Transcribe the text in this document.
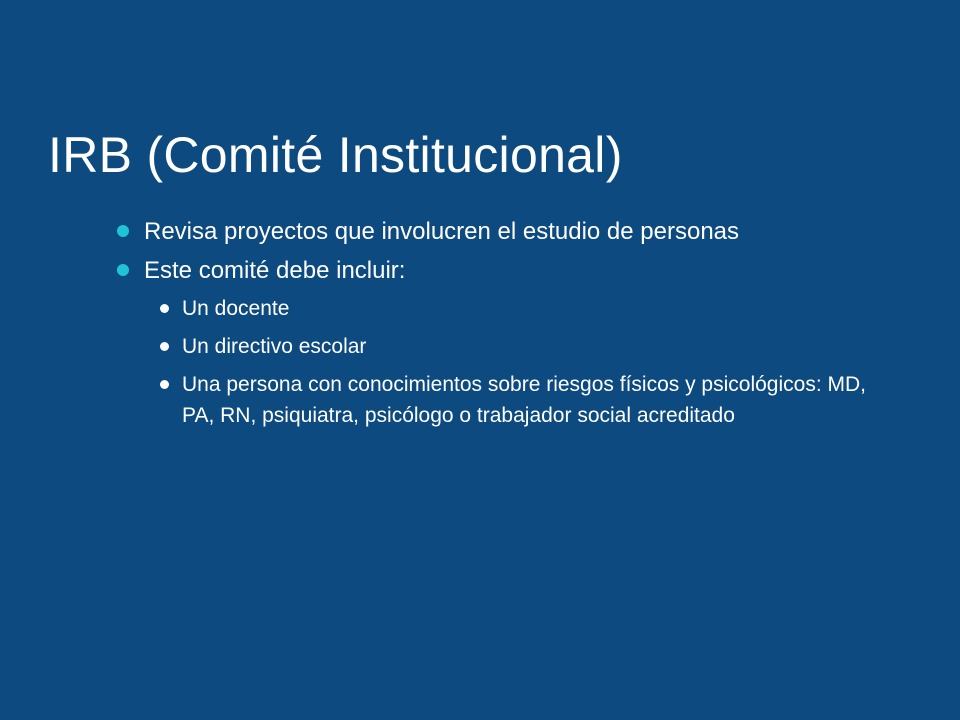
IRB (Comité Institucional)
Revisa proyectos que involucren el estudio de personas
Este comité debe incluir:
Un docente
Un directivo escolar
Una persona con conocimientos sobre riesgos físicos y psicológicos: MD, PA, RN, psiquiatra, psicólogo o trabajador social acreditado
